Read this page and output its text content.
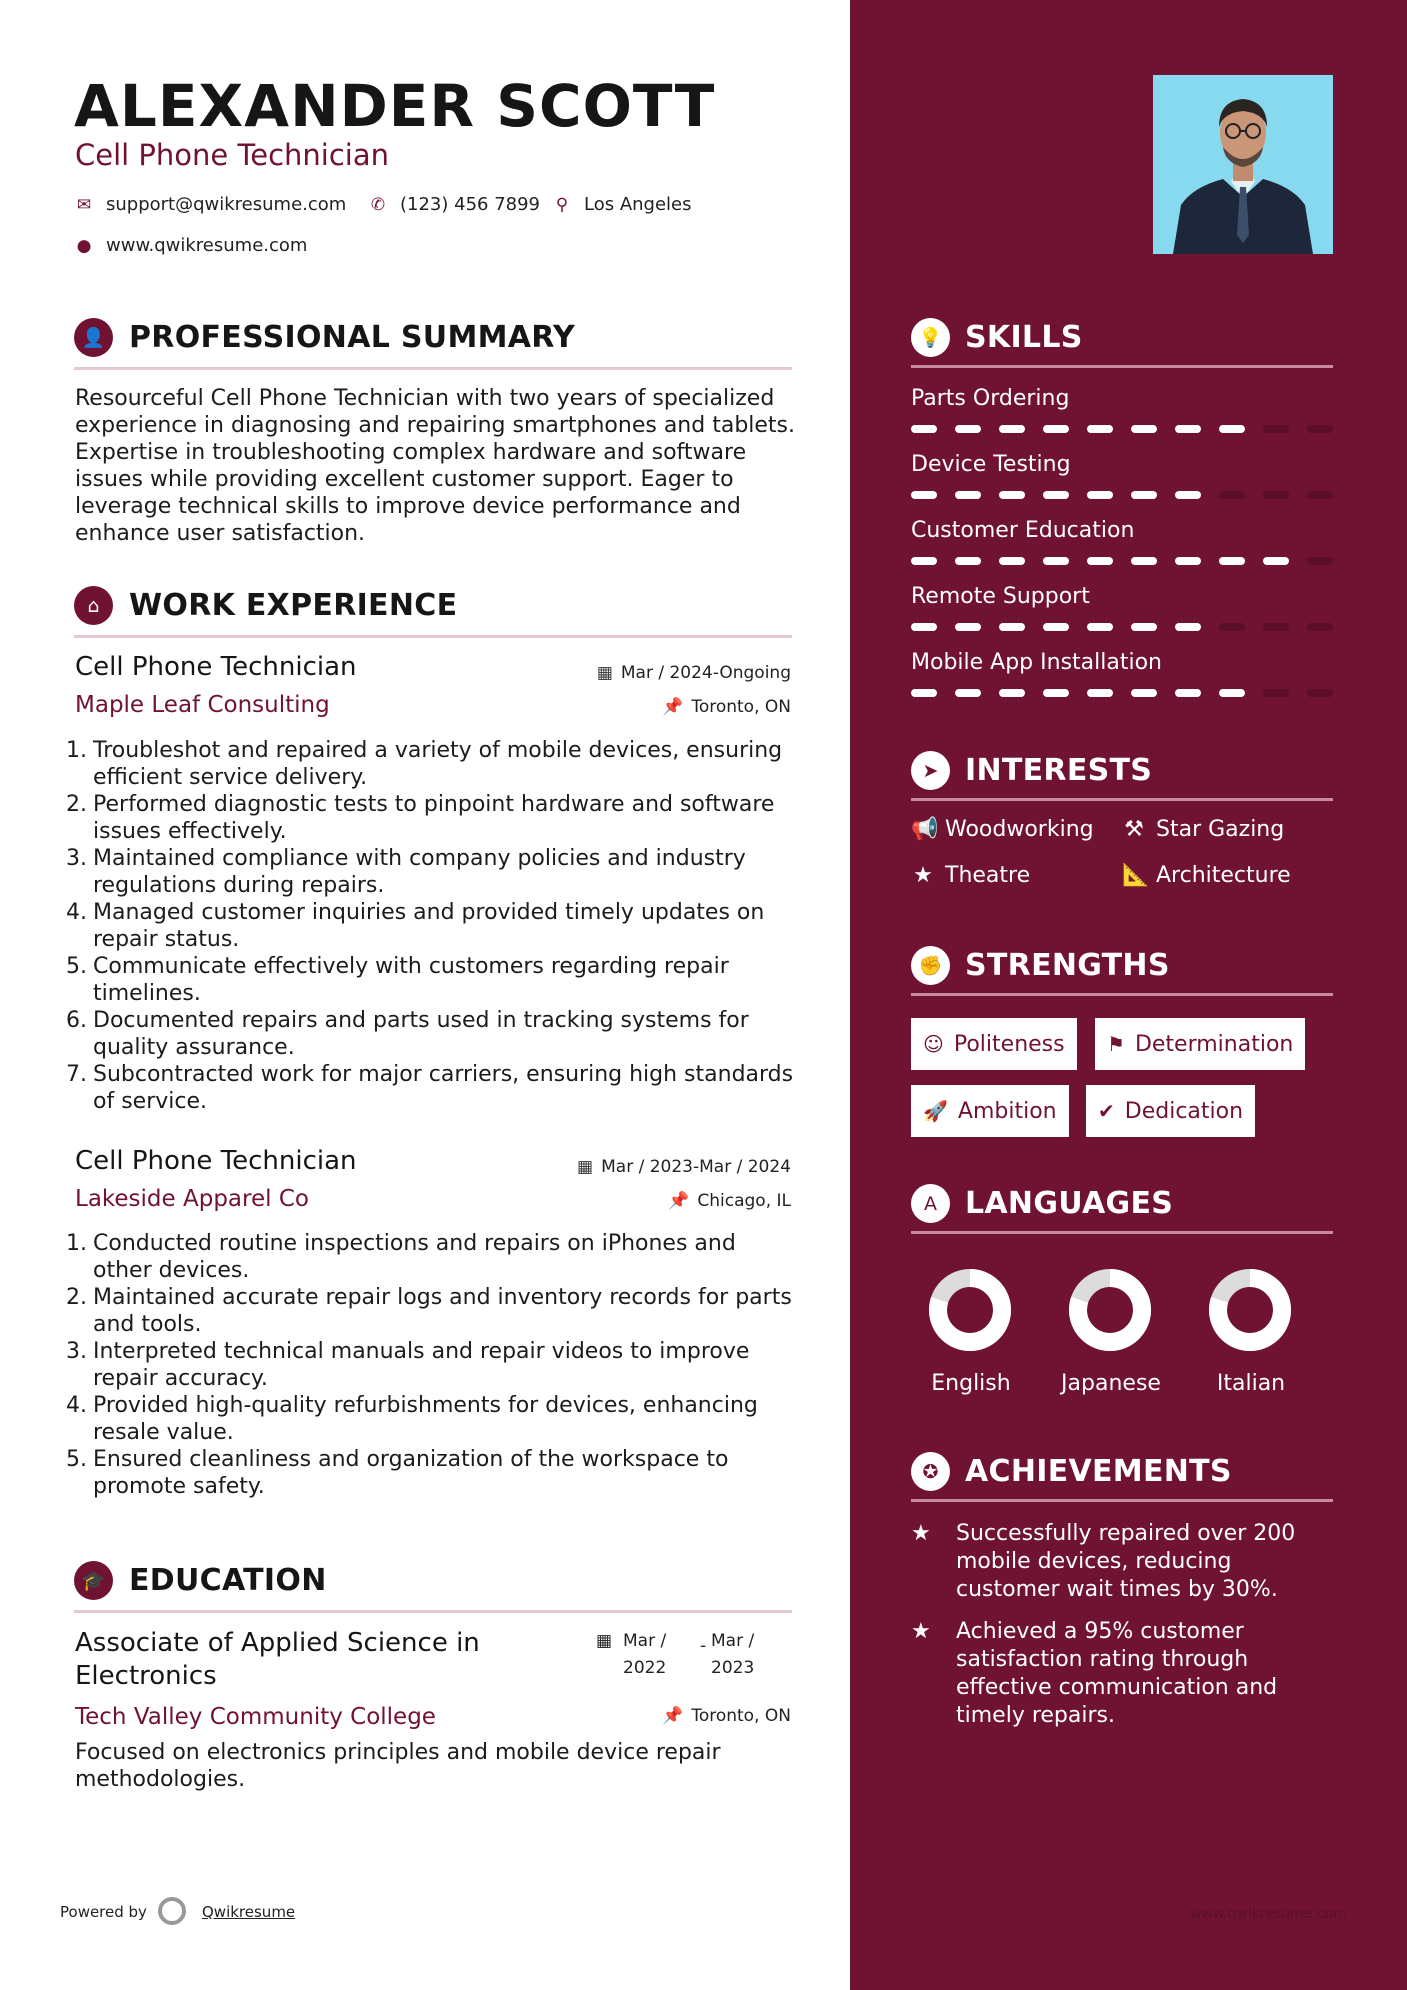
ALEXANDER SCOTT
Cell Phone Technician
✉ support@qwikresume.com ✆ (123) 456 7899 ⚲ Los Angeles
● www.qwikresume.com
👤 PROFESSIONAL SUMMARY
Resourceful Cell Phone Technician with two years of specialized experience in diagnosing and repairing smartphones and tablets. Expertise in troubleshooting complex hardware and software issues while providing excellent customer support. Eager to leverage technical skills to improve device performance and enhance user satisfaction.
⌂ WORK EXPERIENCE
Cell Phone Technician
Maple Leaf Consulting
▦ Mar / 2024-Ongoing
📌 Toronto, ON
1. Troubleshot and repaired a variety of mobile devices, ensuring efficient service delivery.
2. Performed diagnostic tests to pinpoint hardware and software issues effectively.
3. Maintained compliance with company policies and industry regulations during repairs.
4. Managed customer inquiries and provided timely updates on repair status.
5. Communicate effectively with customers regarding repair timelines.
6. Documented repairs and parts used in tracking systems for quality assurance.
7. Subcontracted work for major carriers, ensuring high standards of service.
Cell Phone Technician
Lakeside Apparel Co
▦ Mar / 2023-Mar / 2024
📌 Chicago, IL
1. Conducted routine inspections and repairs on iPhones and other devices.
2. Maintained accurate repair logs and inventory records for parts and tools.
3. Interpreted technical manuals and repair videos to improve repair accuracy.
4. Provided high-quality refurbishments for devices, enhancing resale value.
5. Ensured cleanliness and organization of the workspace to promote safety.
🎓 EDUCATION
Associate of Applied Science in
Electronics
Tech Valley Community College
▦ Mar /
2022
- Mar /
2023
📌 Toronto, ON
Focused on electronics principles and mobile device repair methodologies.
Powered by	Qwikresume
💡 SKILLS
Parts Ordering
Device Testing
Customer Education
Remote Support
Mobile App Installation
➤ INTERESTS
📢 Woodworking ⚒ Star Gazing
★ Theatre	📐 Architecture
✊ STRENGTHS
☺ Politeness ⚑ Determination
🚀 Ambition ✔ Dedication
A LANGUAGES
English	Japanese	Italian
✪ ACHIEVEMENTS
★ Successfully repaired over 200 mobile devices, reducing customer wait times by 30%.
★ Achieved a 95% customer satisfaction rating through effective communication and timely repairs.
www.qwikresume.com
